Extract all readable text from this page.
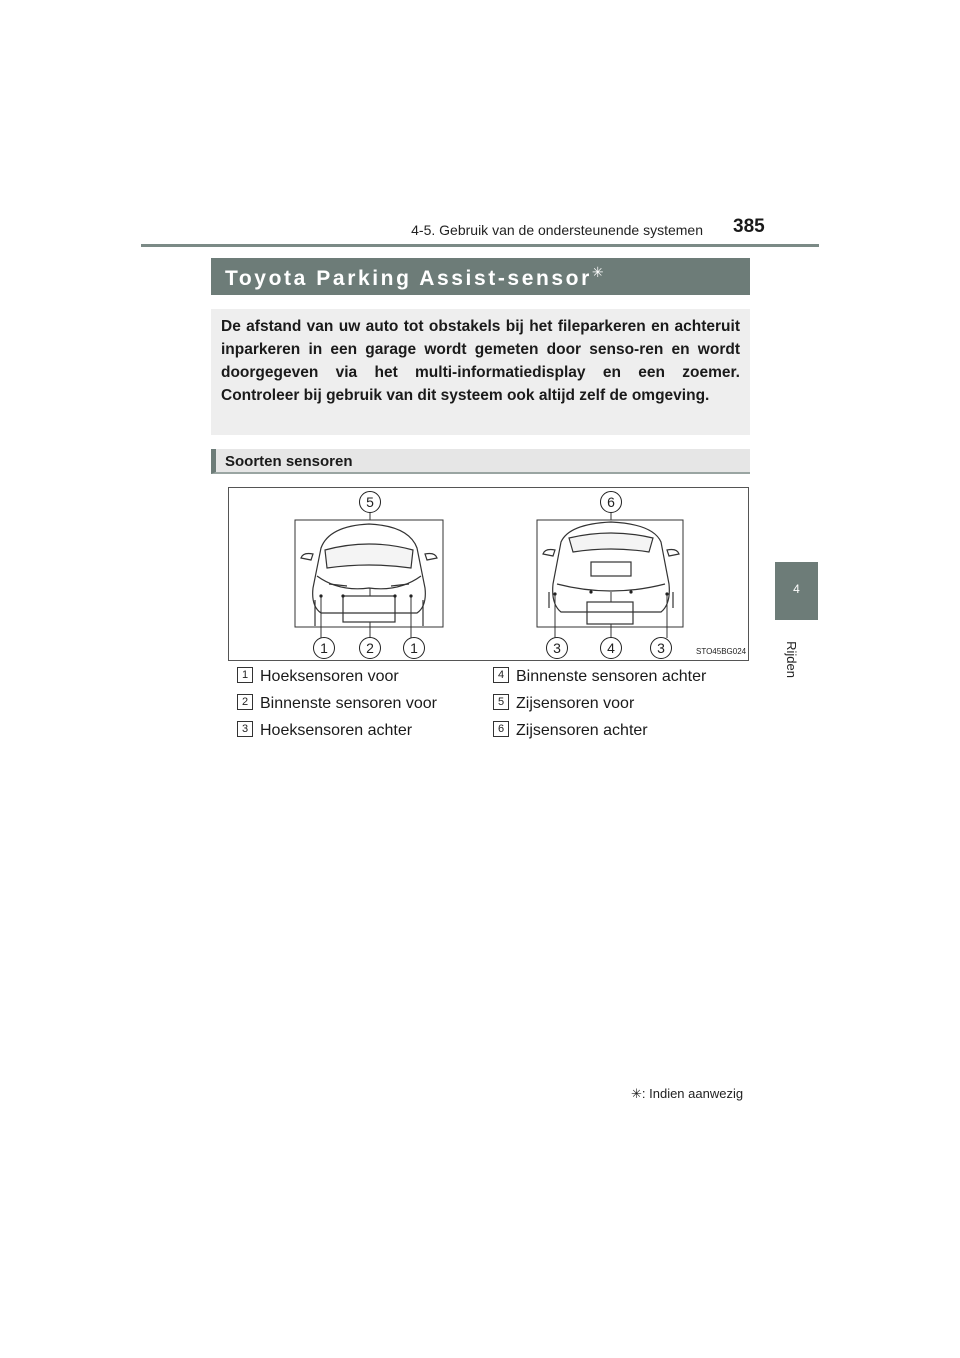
385
4-5. Gebruik van de ondersteunende systemen
4
Rijden
Toyota Parking Assist-sensor✳
De afstand van uw auto tot obstakels bij het fileparkeren en achteruit inparkeren in een garage wordt gemeten door senso-ren en wordt doorgegeven via het multi-informatiedisplay en een zoemer. Controleer bij gebruik van dit systeem ook altijd zelf de omgeving.
Soorten sensoren
5	6
1	2	1	3	4	3	STO45BG024
1 Hoeksensoren voor
2 Binnenste sensoren voor
3 Hoeksensoren achter
4 Binnenste sensoren achter
5 Zijsensoren voor
6 Zijsensoren achter
✳: Indien aanwezig
